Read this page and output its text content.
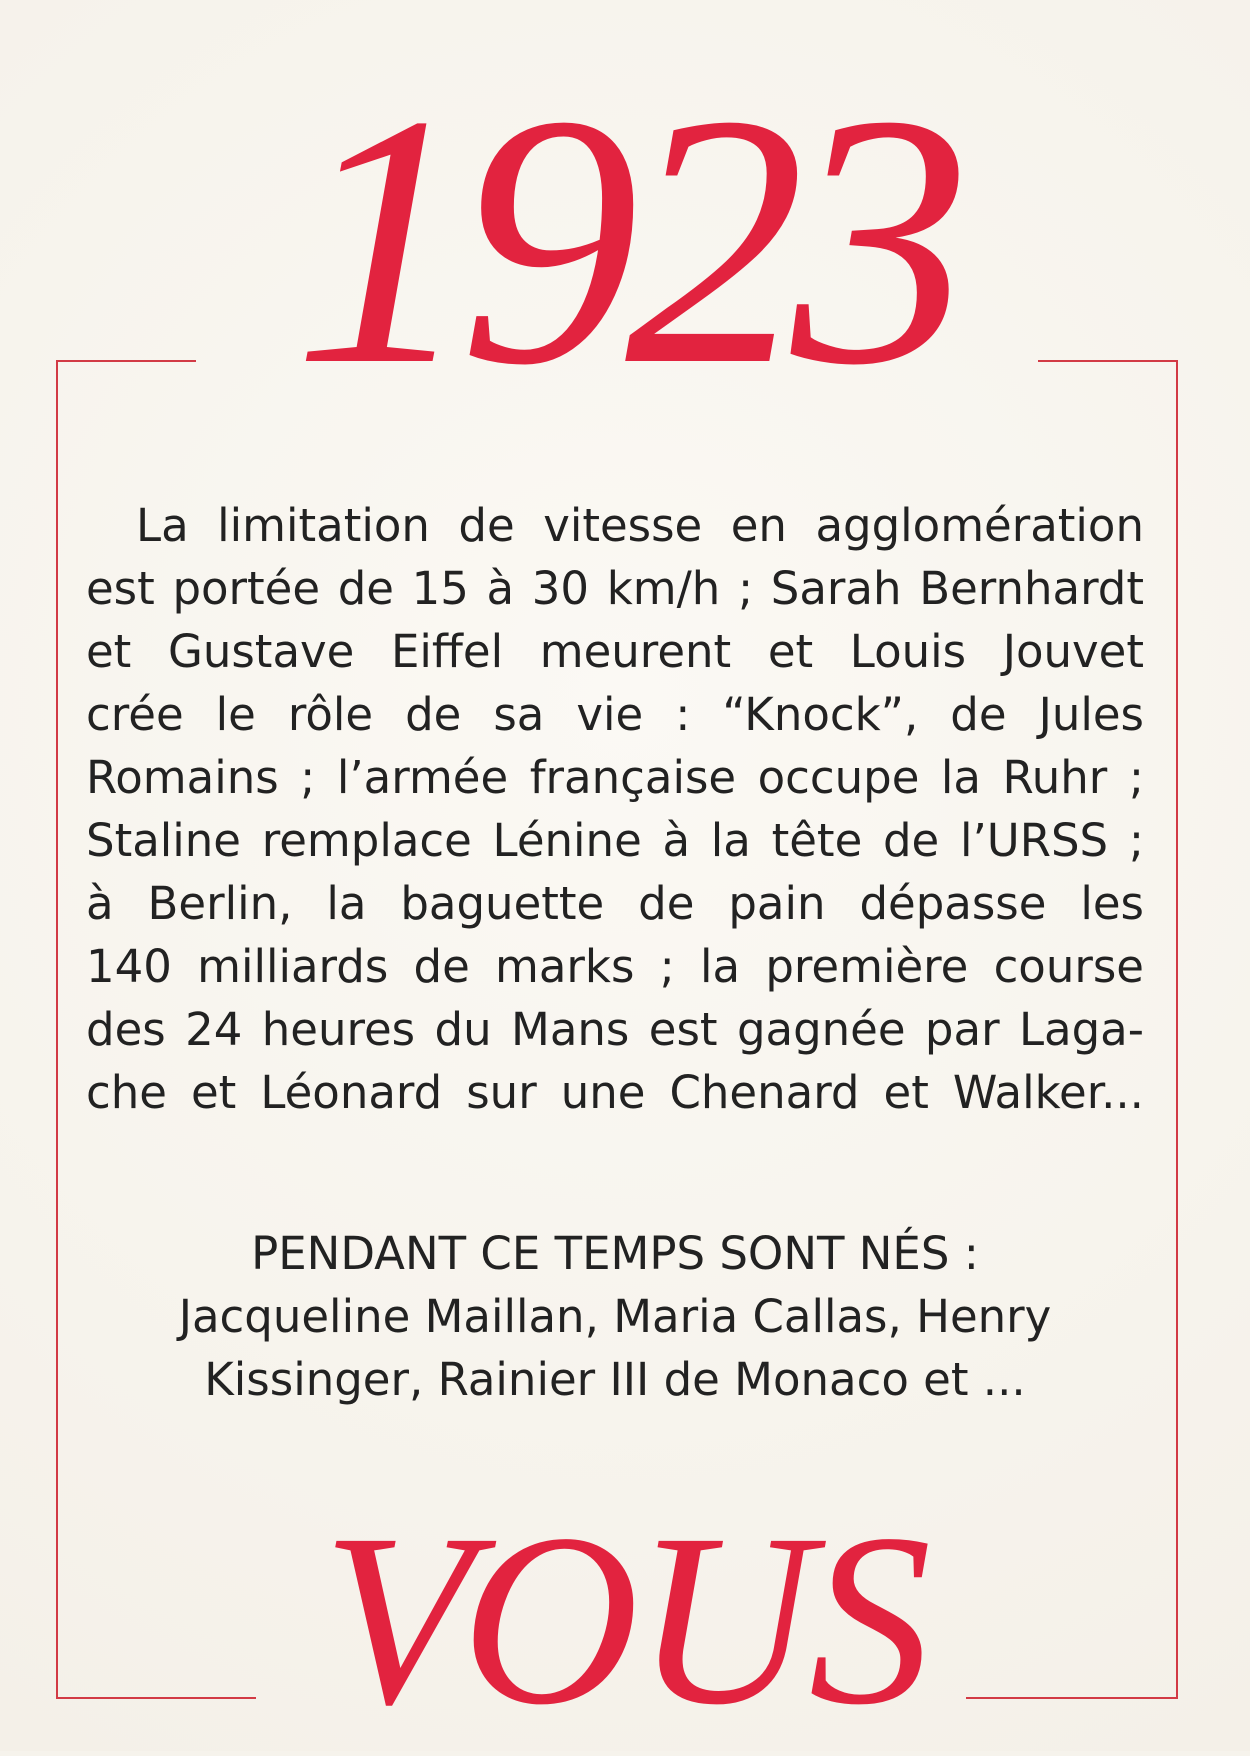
1923
La limitation de vitesse en agglomération
est portée de 15 à 30 km/h ; Sarah Bernhardt
et Gustave Eiffel meurent et Louis Jouvet
crée le rôle de sa vie : “Knock”, de Jules
Romains ; l’armée française occupe la Ruhr ;
Staline remplace Lénine à la tête de l’URSS ;
à Berlin, la baguette de pain dépasse les
140 milliards de marks ; la première course
des 24 heures du Mans est gagnée par Laga-
che et Léonard sur une Chenard et Walker...
PENDANT CE TEMPS SONT NÉS :
Jacqueline Maillan, Maria Callas, Henry
Kissinger, Rainier III de Monaco et ...
VOUS
